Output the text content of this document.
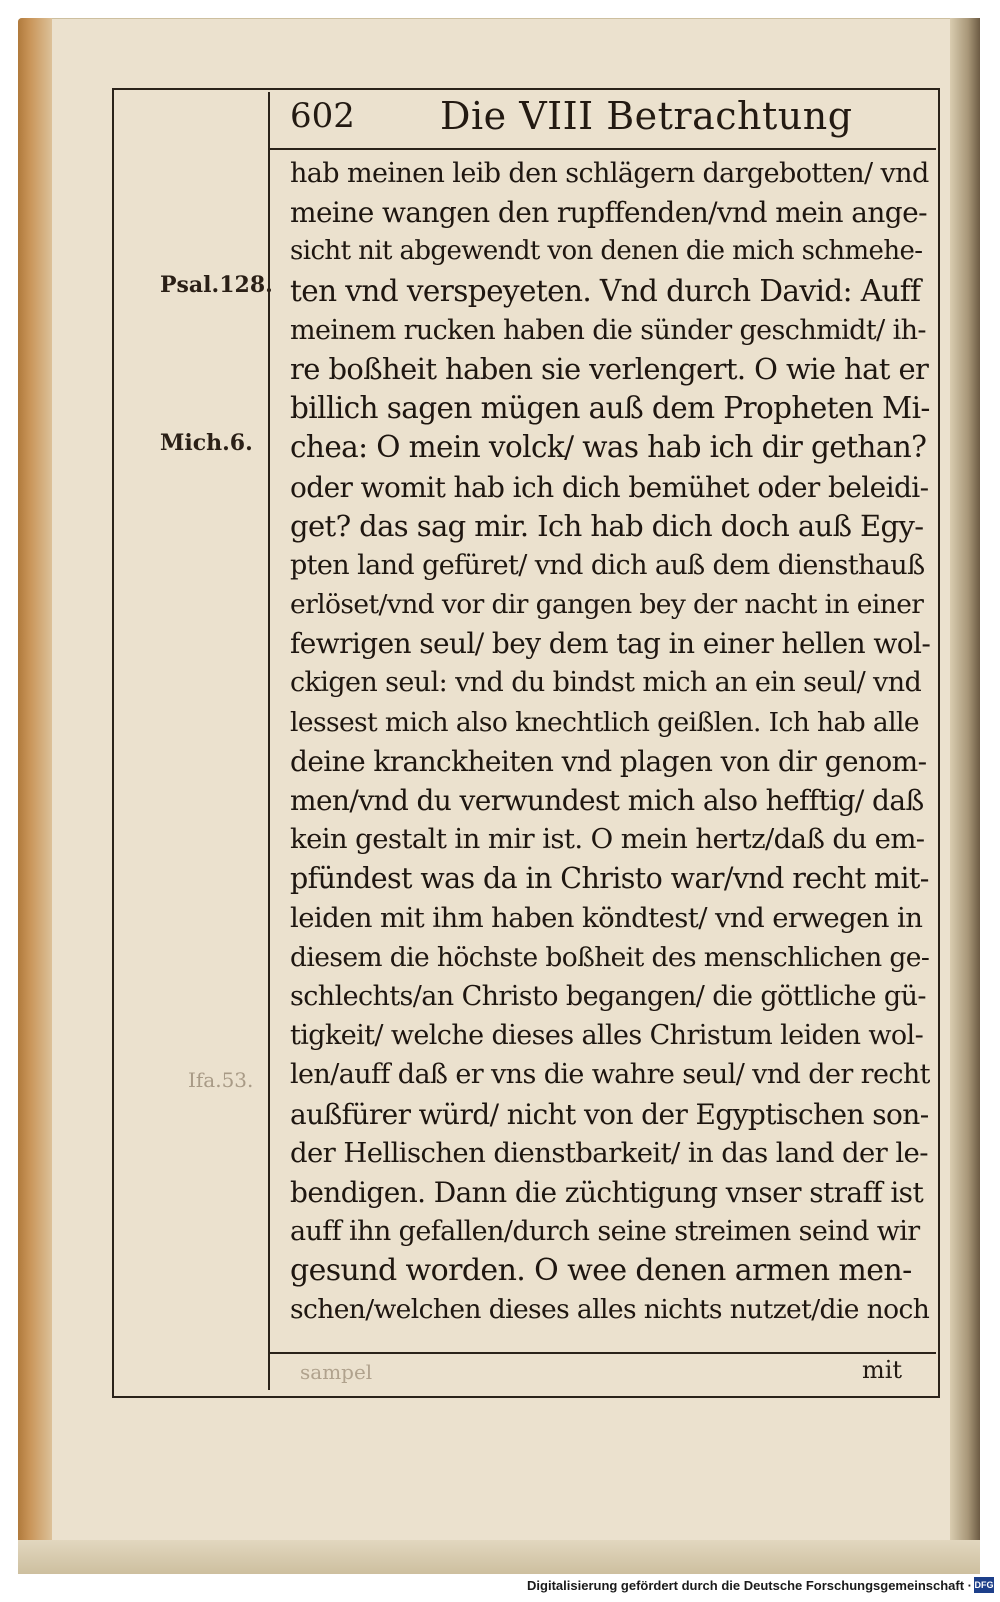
602 Die VIII Betrachtung
Psal.128.
Mich.6.
Ifa.53.
hab meinen leib den schlägern dargebotten/ vnd
meine wangen den rupffenden/vnd mein ange-
sicht nit abgewendt von denen die mich schmehe-
ten vnd verspeyeten. Vnd durch David: Auff
meinem rucken haben die sünder geschmidt/ ih-
re boßheit haben sie verlengert. O wie hat er
billich sagen mügen auß dem Propheten Mi-
chea: O mein volck/ was hab ich dir gethan?
oder womit hab ich dich bemühet oder beleidi-
get? das sag mir. Ich hab dich doch auß Egy-
pten land gefüret/ vnd dich auß dem diensthauß
erlöset/vnd vor dir gangen bey der nacht in einer
fewrigen seul/ bey dem tag in einer hellen wol-
ckigen seul: vnd du bindst mich an ein seul/ vnd
lessest mich also knechtlich geißlen. Ich hab alle
deine kranckheiten vnd plagen von dir genom-
men/vnd du verwundest mich also hefftig/ daß
kein gestalt in mir ist. O mein hertz/daß du em-
pfündest was da in Christo war/vnd recht mit-
leiden mit ihm haben köndtest/ vnd erwegen in
diesem die höchste boßheit des menschlichen ge-
schlechts/an Christo begangen/ die göttliche gü-
tigkeit/ welche dieses alles Christum leiden wol-
len/auff daß er vns die wahre seul/ vnd der recht
außfürer würd/ nicht von der Egyptischen son-
der Hellischen dienstbarkeit/ in das land der le-
bendigen. Dann die züchtigung vnser straff ist
auff ihn gefallen/durch seine streimen seind wir
gesund worden. O wee denen armen men-
schen/welchen dieses alles nichts nutzet/die noch
sampel	mit
Digitalisierung gefördert durch die Deutsche Forschungsgemeinschaft · DFG
